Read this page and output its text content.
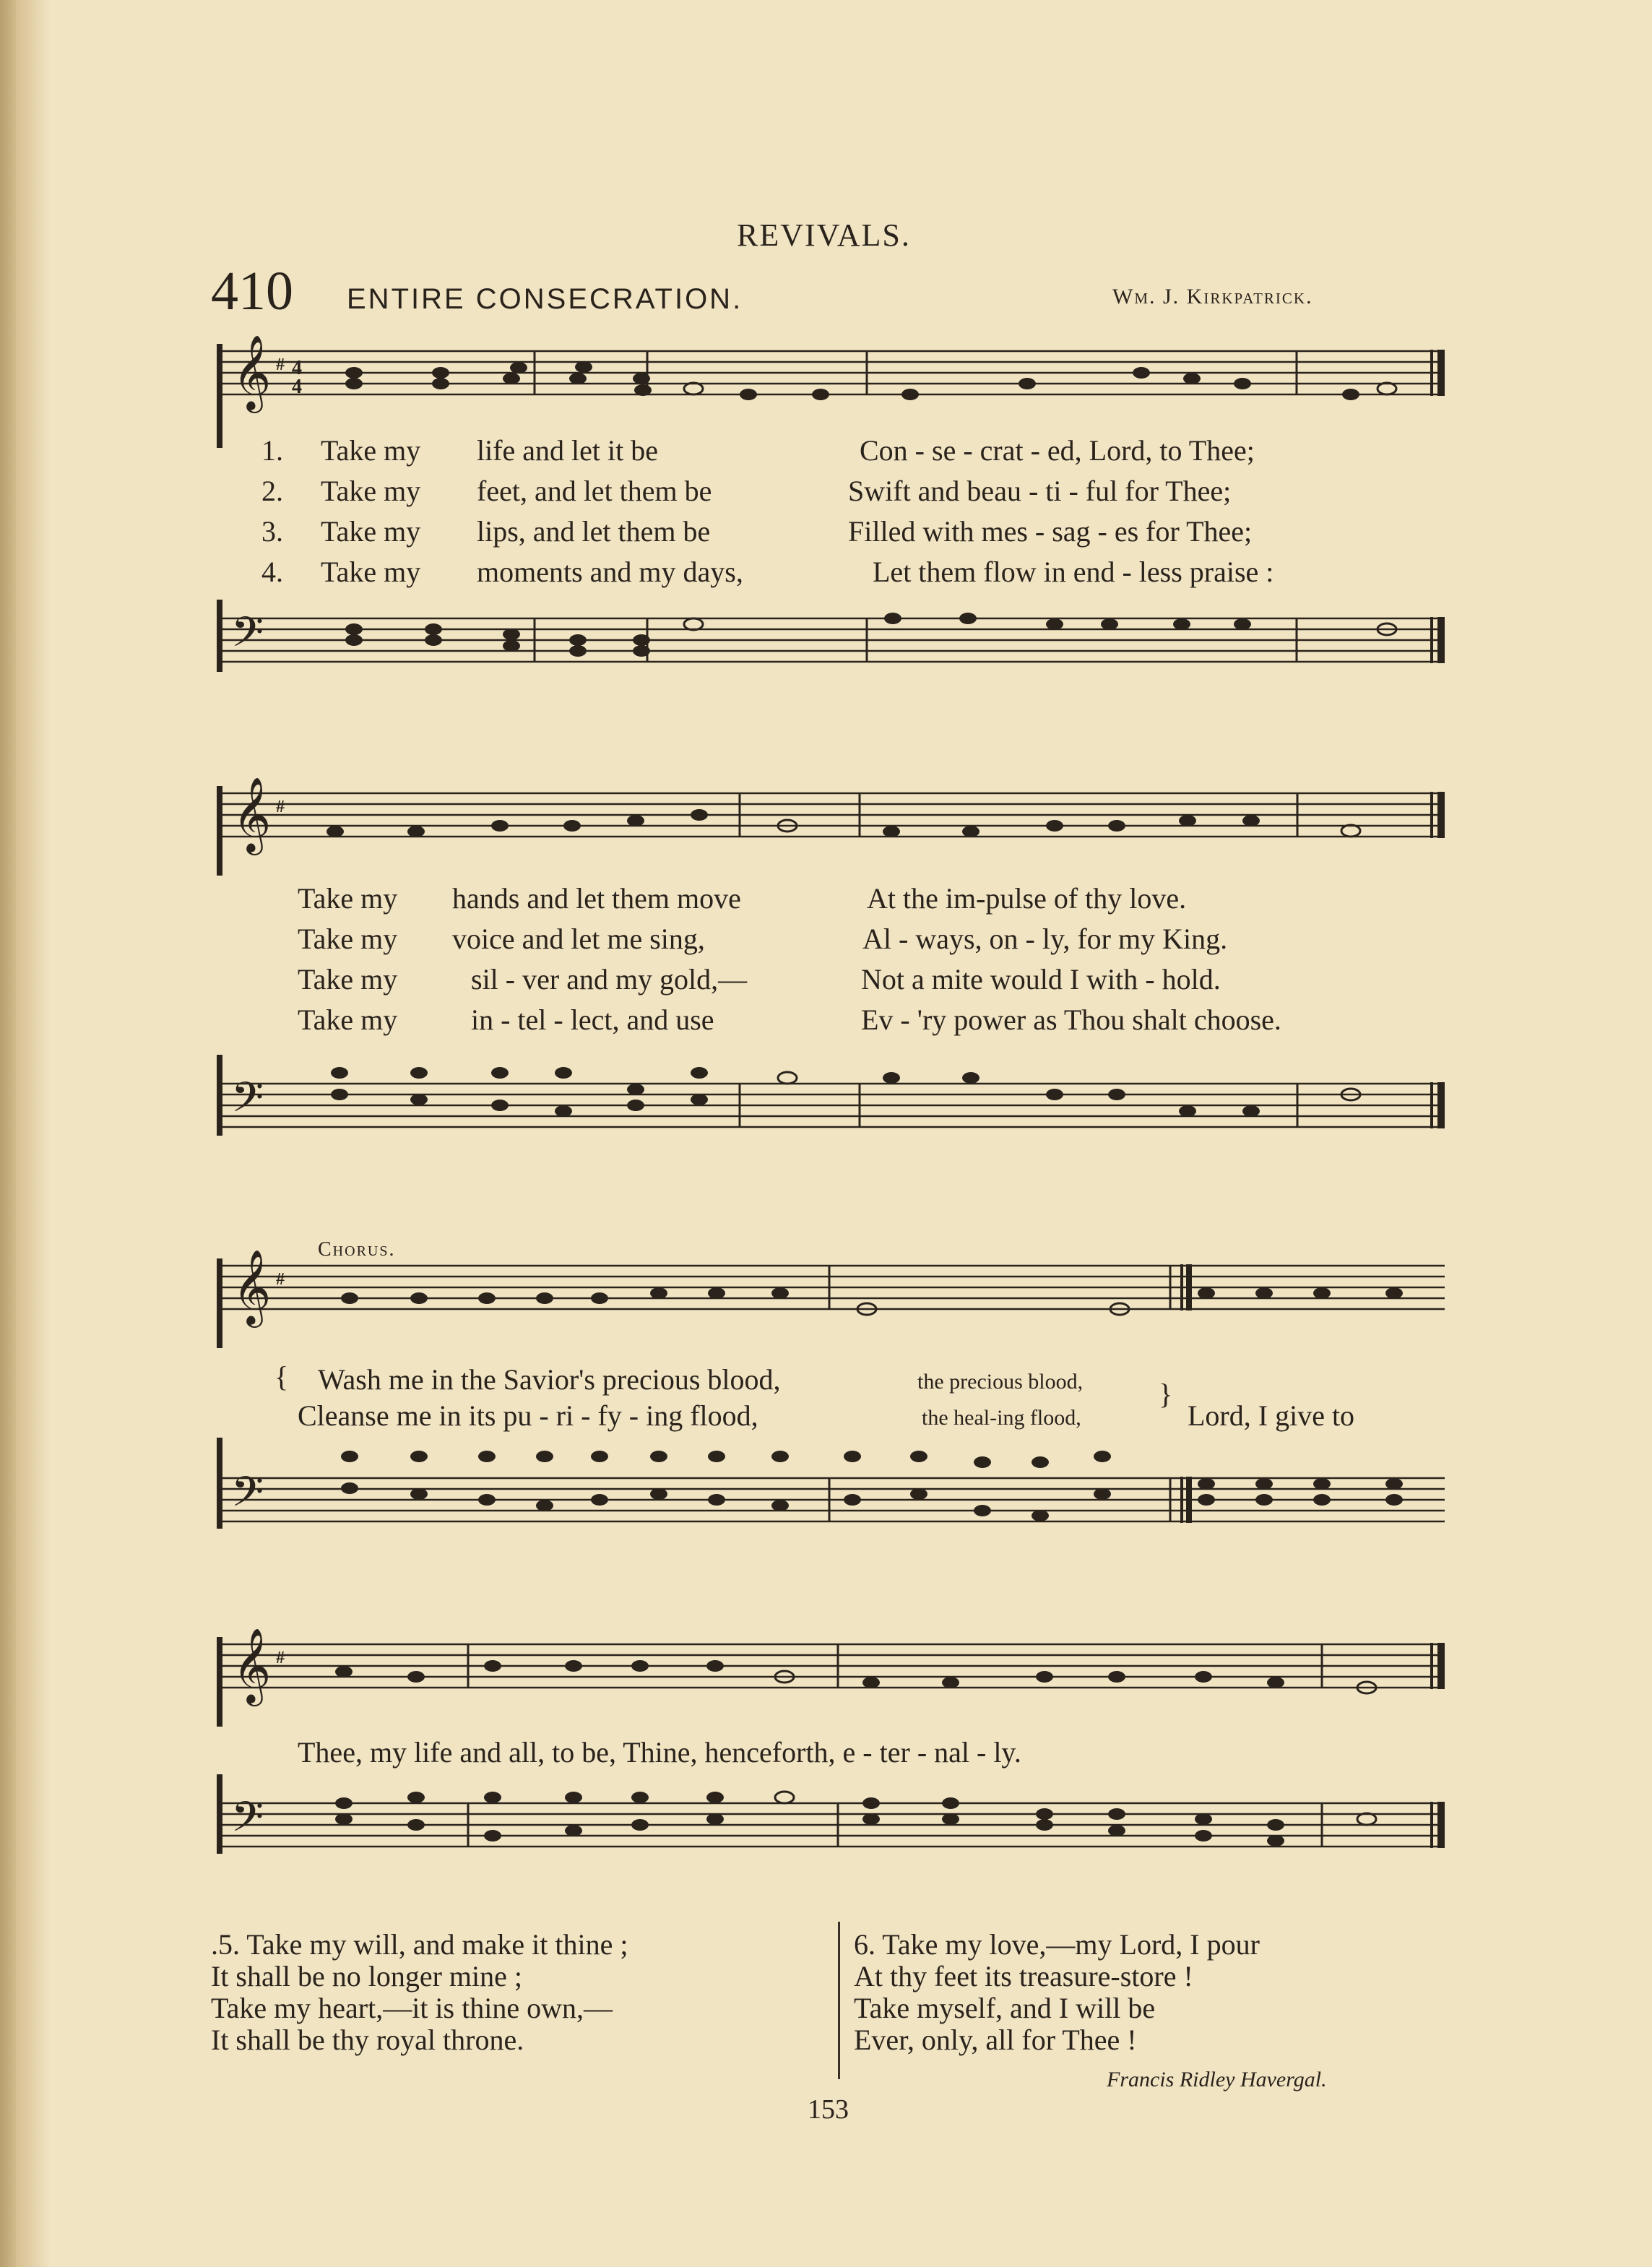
REVIVALS.
410 ENTIRE CONSECRATION.	Wm. J. Kirkpatrick.
𝄞 # 4
4
1. Take my life and let it be	Con - se - crat - ed, Lord, to Thee;
2. Take my feet, and let them be	Swift and beau - ti - ful for Thee;
3. Take my lips, and let them be	Filled with mes - sag - es for Thee;
4. Take my moments and my days,	Let them flow in end - less praise :
𝄢
𝄞 #
Take my hands and let them move	At the im-pulse of thy love.
Take my voice and let me sing,	Al - ways, on - ly, for my King.
Take my	sil - ver and my gold,—	Not a mite would I with - hold.
Take my	in - tel - lect, and use	Ev - 'ry power as Thou shalt choose.
𝄢
Chorus.
𝄞 #
{ Wash me in the Savior's precious blood,	the precious blood,
Cleanse me in its pu - ri - fy - ing flood,	the heal-ing flood,
}
Lord, I give to
𝄢
𝄞 #
Thee, my life and all, to be, Thine, henceforth, e - ter - nal - ly.
𝄢
.5. Take my will, and make it thine ;
It shall be no longer mine ;
Take my heart,—it is thine own,—
It shall be thy royal throne.
6. Take my love,—my Lord, I pour
At thy feet its treasure-store !
Take myself, and I will be
Ever, only, all for Thee !
Francis Ridley Havergal.
153
